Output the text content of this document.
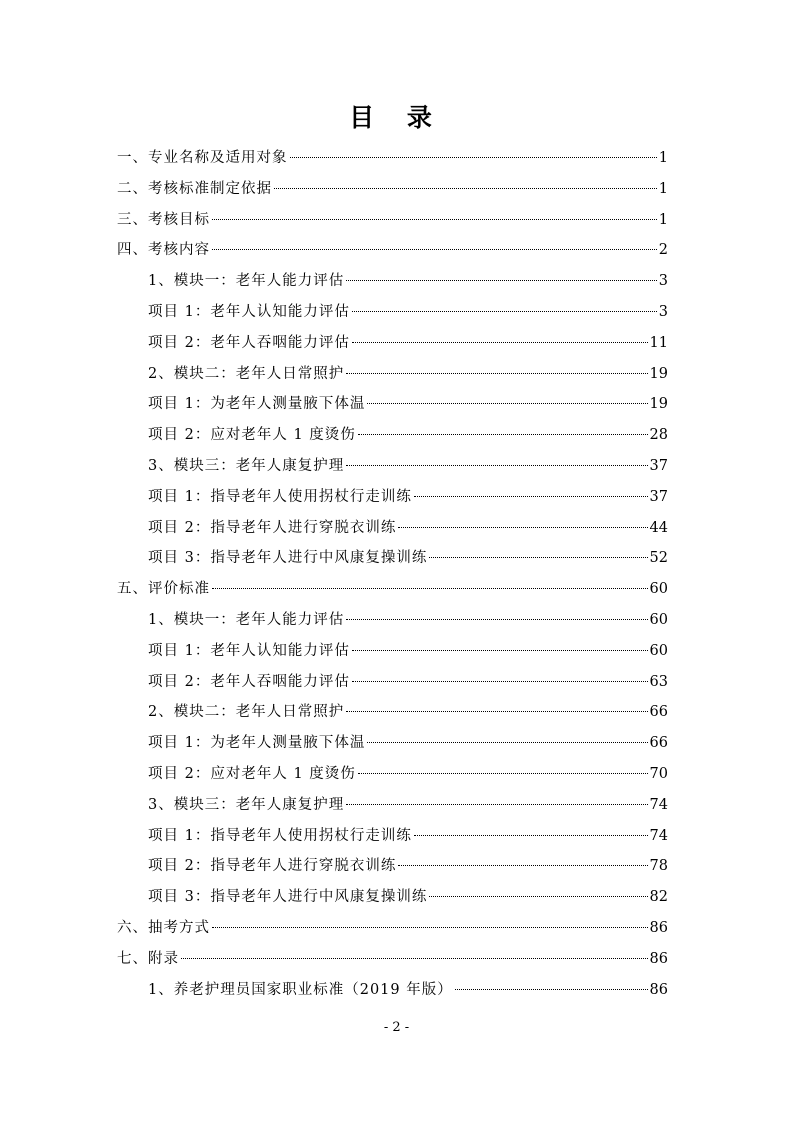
目 录
一、专业名称及适用对象	1
二、考核标准制定依据	1
三、考核目标	1
四、考核内容	2
1、模块一：老年人能力评估	3
项目 1：老年人认知能力评估	3
项目 2：老年人吞咽能力评估	11
2、模块二：老年人日常照护	19
项目 1：为老年人测量腋下体温	19
项目 2：应对老年人 1 度烫伤	28
3、模块三：老年人康复护理	37
项目 1：指导老年人使用拐杖行走训练	37
项目 2：指导老年人进行穿脱衣训练	44
项目 3：指导老年人进行中风康复操训练	52
五、评价标准	60
1、模块一：老年人能力评估	60
项目 1：老年人认知能力评估	60
项目 2：老年人吞咽能力评估	63
2、模块二：老年人日常照护	66
项目 1：为老年人测量腋下体温	66
项目 2：应对老年人 1 度烫伤	70
3、模块三：老年人康复护理	74
项目 1：指导老年人使用拐杖行走训练	74
项目 2：指导老年人进行穿脱衣训练	78
项目 3：指导老年人进行中风康复操训练	82
六、抽考方式	86
七、附录	86
1、养老护理员国家职业标准（2019 年版）	86
- 2 -
